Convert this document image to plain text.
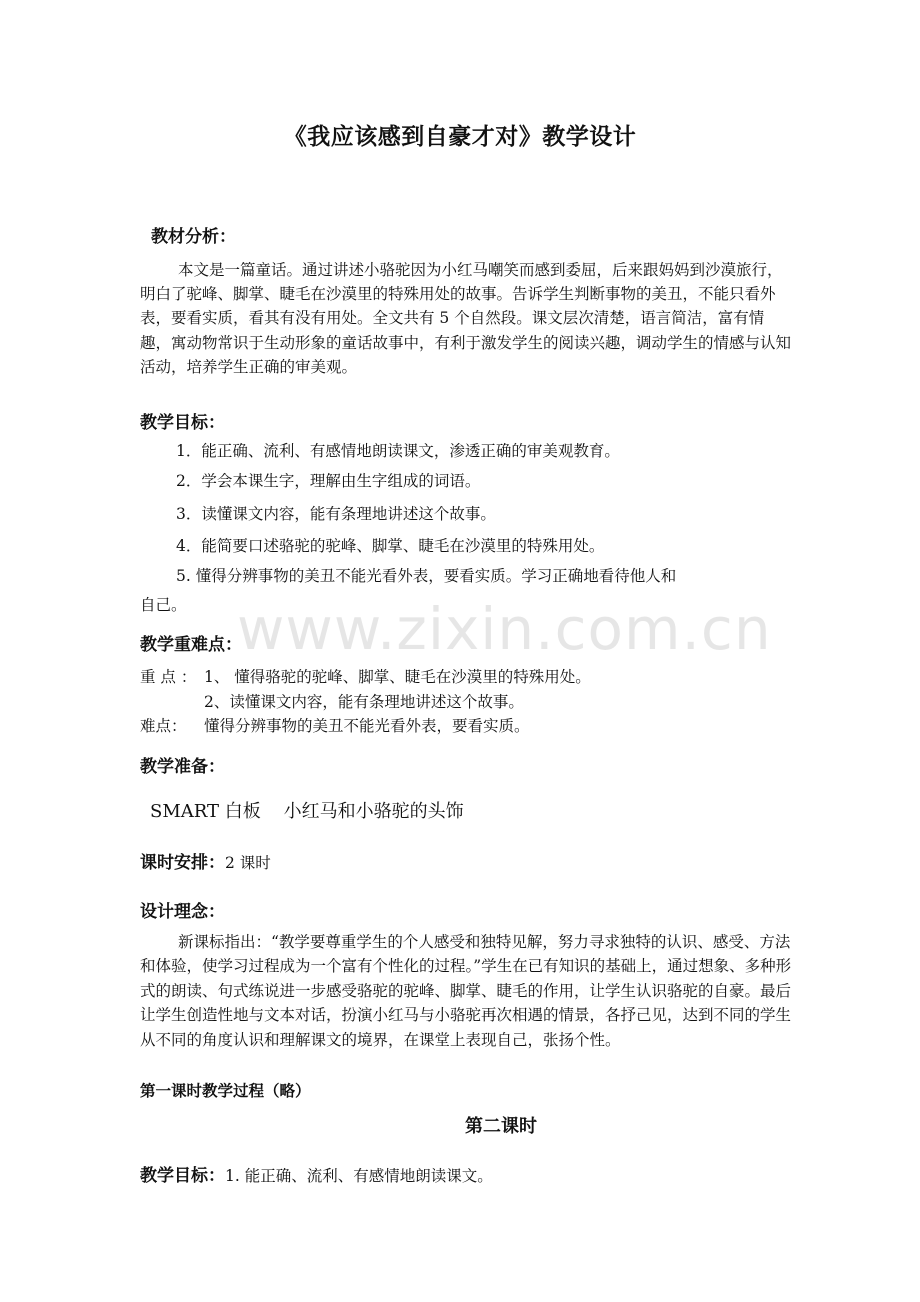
《我应该感到自豪才对》教学设计
教材分析：

本文是一篇童话。通过讲述小骆驼因为小红马嘲笑而感到委屈，后来跟妈妈到沙漠旅行，明白了驼峰、脚掌、睫毛在沙漠里的特殊用处的故事。告诉学生判断事物的美丑，不能只看外表，要看实质，看其有没有用处。全文共有 5 个自然段。课文层次清楚，语言简洁，富有情趣，寓动物常识于生动形象的童话故事中，有利于激发学生的阅读兴趣，调动学生的情感与认知活动，培养学生正确的审美观。

教学目标：
1．能正确、流利、有感情地朗读课文，渗透正确的审美观教育。
2．学会本课生字，理解由生字组成的词语。
3．读懂课文内容，能有条理地讲述这个故事。
4．能简要口述骆驼的驼峰、脚掌、睫毛在沙漠里的特殊用处。
5. 懂得分辨事物的美丑不能光看外表，要看实质。学习正确地看待他人和
自己。 www.zixin.com.cn
教学重难点：
重 点 ： 1、 懂得骆驼的驼峰、脚掌、睫毛在沙漠里的特殊用处。
2、读懂课文内容，能有条理地讲述这个故事。
难点： 懂得分辨事物的美丑不能光看外表，要看实质。
教学准备：
SMART 白板    小红马和小骆驼的头饰
课时安排：2 课时
设计理念：

新课标指出：“教学要尊重学生的个人感受和独特见解，努力寻求独特的认识、感受、方法和体验，使学习过程成为一个富有个性化的过程。”学生在已有知识的基础上，通过想象、多种形式的朗读、句式练说进一步感受骆驼的驼峰、脚掌、睫毛的作用，让学生认识骆驼的自豪。最后让学生创造性地与文本对话，扮演小红马与小骆驼再次相遇的情景，各抒己见，达到不同的学生从不同的角度认识和理解课文的境界，在课堂上表现自己，张扬个性。

第一课时教学过程（略）
第二课时
教学目标：1. 能正确、流利、有感情地朗读课文。
